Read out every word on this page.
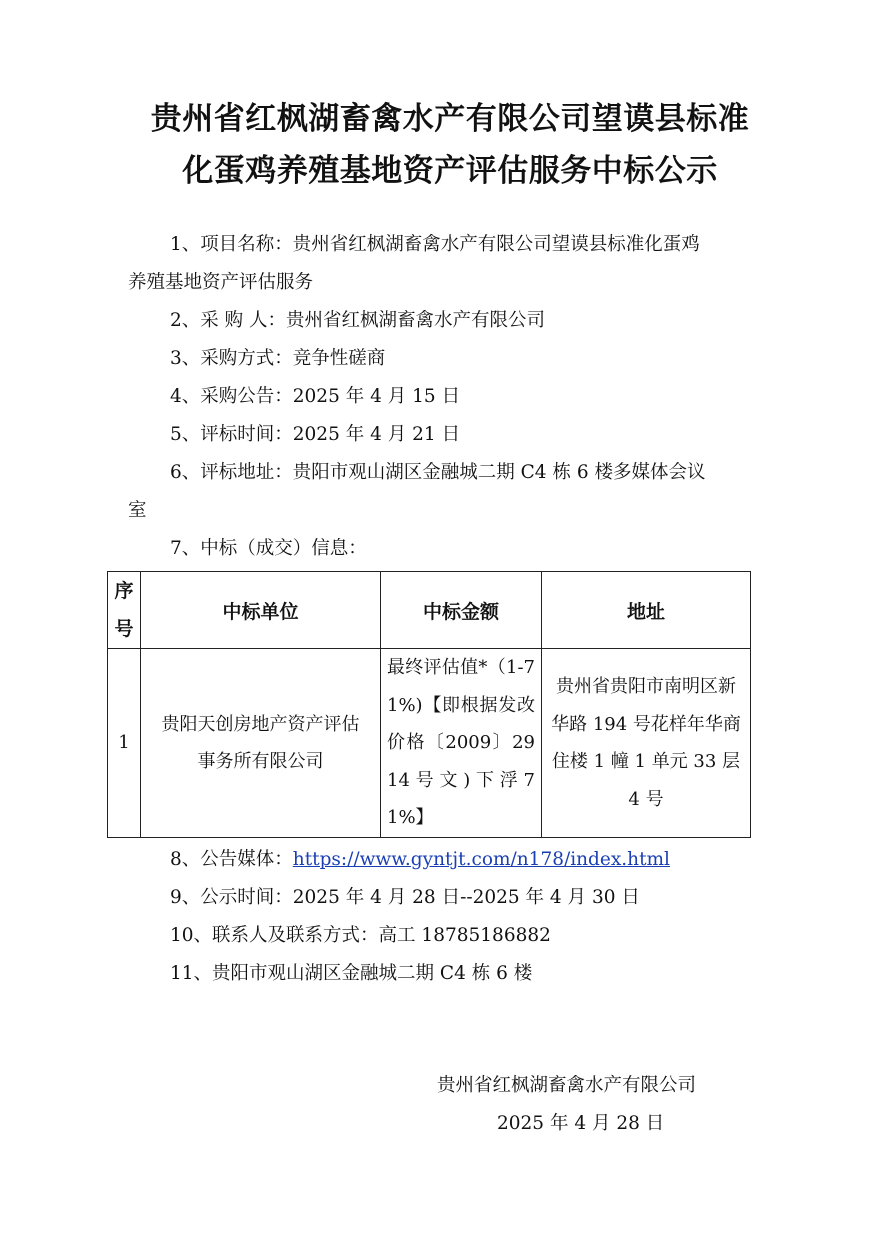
贵州省红枫湖畜禽水产有限公司望谟县标准
化蛋鸡养殖基地资产评估服务中标公示
1、项目名称：贵州省红枫湖畜禽水产有限公司望谟县标准化蛋鸡
养殖基地资产评估服务
2、采 购 人：贵州省红枫湖畜禽水产有限公司
3、采购方式：竞争性磋商
4、采购公告：2025 年 4 月 15 日
5、评标时间：2025 年 4 月 21 日
6、评标地址：贵阳市观山湖区金融城二期 C4 栋 6 楼多媒体会议
室
7、中标（成交）信息：
序号	中标单位	中标金额	地址
1	贵阳天创房地产资产评估事务所有限公司	最终评估值*（1-71%)【即根据发改价格〔2009〕2914号文)下浮71%】	贵州省贵阳市南明区新华路 194 号花样年华商住楼 1 幢 1 单元 33 层 4 号
8、公告媒体：https://www.gyntjt.com/n178/index.html
9、公示时间：2025 年 4 月 28 日--2025 年 4 月 30 日
10、联系人及联系方式：高工 18785186882
11、贵阳市观山湖区金融城二期 C4 栋 6 楼
贵州省红枫湖畜禽水产有限公司
2025 年 4 月 28 日
